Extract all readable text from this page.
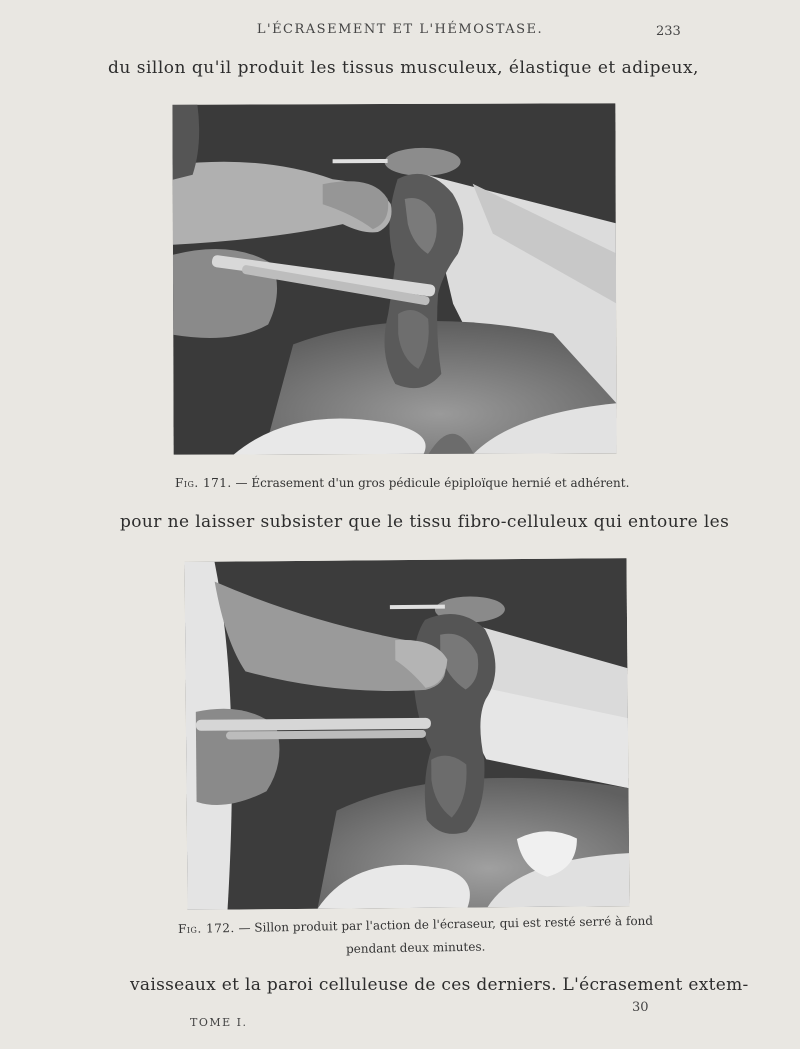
L'ÉCRASEMENT ET L'HÉMOSTASE.	233
du sillon qu'il produit les tissus musculeux, élastique et adipeux,
Fig. 171. — Écrasement d'un gros pédicule épiploïque hernié et adhérent.
pour ne laisser subsister que le tissu fibro-celluleux qui entoure les
Fig. 172. — Sillon produit par l'action de l'écraseur, qui est resté serré à fond
pendant deux minutes.
vaisseaux et la paroi celluleuse de ces derniers. L'écrasement extem-
TOME I.
30
